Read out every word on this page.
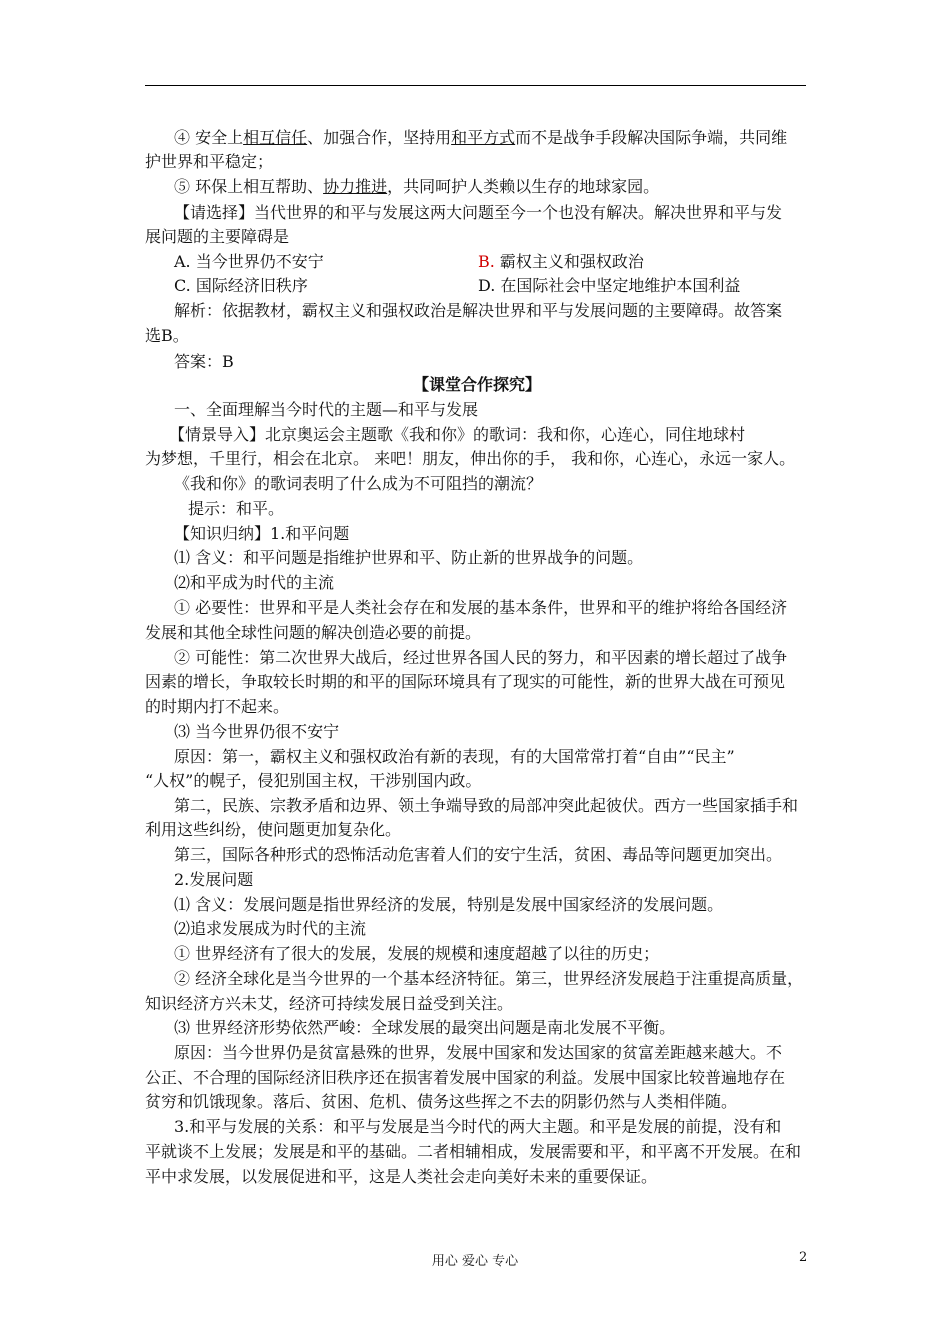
④ 安全上相互信任、加强合作，坚持用和平方式而不是战争手段解决国际争端，共同维
护世界和平稳定；
⑤ 环保上相互帮助、协力推进，共同呵护人类赖以生存的地球家园。
【请选择】当代世界的和平与发展这两大问题至今一个也没有解决。解决世界和平与发
展问题的主要障碍是
A. 当今世界仍不安宁	B. 霸权主义和强权政治
C. 国际经济旧秩序	D. 在国际社会中坚定地维护本国利益
解析：依据教材，霸权主义和强权政治是解决世界和平与发展问题的主要障碍。故答案
选B。
答案：B
【课堂合作探究】
一、全面理解当今时代的主题—和平与发展
【情景导入】北京奥运会主题歌《我和你》的歌词：我和你，心连心，同住地球村
为梦想，千里行，相会在北京。 来吧！朋友，伸出你的手， 我和你，心连心，永远一家人。
《我和你》的歌词表明了什么成为不可阻挡的潮流？
提示：和平。
【知识归纳】1.和平问题
⑴ 含义：和平问题是指维护世界和平、防止新的世界战争的问题。
⑵和平成为时代的主流
① 必要性：世界和平是人类社会存在和发展的基本条件，世界和平的维护将给各国经济
发展和其他全球性问题的解决创造必要的前提。
② 可能性：第二次世界大战后，经过世界各国人民的努力，和平因素的增长超过了战争
因素的增长，争取较长时期的和平的国际环境具有了现实的可能性，新的世界大战在可预见
的时期内打不起来。
⑶ 当今世界仍很不安宁
原因：第一，霸权主义和强权政治有新的表现，有的大国常常打着“自由”“民主”
“人权”的幌子，侵犯别国主权，干涉别国内政。
第二，民族、宗教矛盾和边界、领土争端导致的局部冲突此起彼伏。西方一些国家插手和
利用这些纠纷，使问题更加复杂化。
第三，国际各种形式的恐怖活动危害着人们的安宁生活，贫困、毒品等问题更加突出。
2.发展问题
⑴ 含义：发展问题是指世界经济的发展，特别是发展中国家经济的发展问题。
⑵追求发展成为时代的主流
① 世界经济有了很大的发展，发展的规模和速度超越了以往的历史；
② 经济全球化是当今世界的一个基本经济特征。第三，世界经济发展趋于注重提高质量，
知识经济方兴未艾，经济可持续发展日益受到关注。
⑶ 世界经济形势依然严峻：全球发展的最突出问题是南北发展不平衡。
原因：当今世界仍是贫富悬殊的世界，发展中国家和发达国家的贫富差距越来越大。不
公正、不合理的国际经济旧秩序还在损害着发展中国家的利益。发展中国家比较普遍地存在
贫穷和饥饿现象。落后、贫困、危机、债务这些挥之不去的阴影仍然与人类相伴随。
3.和平与发展的关系：和平与发展是当今时代的两大主题。和平是发展的前提，没有和
平就谈不上发展；发展是和平的基础。二者相辅相成，发展需要和平，和平离不开发展。在和
平中求发展，以发展促进和平，这是人类社会走向美好未来的重要保证。
用心 爱心 专心	2
